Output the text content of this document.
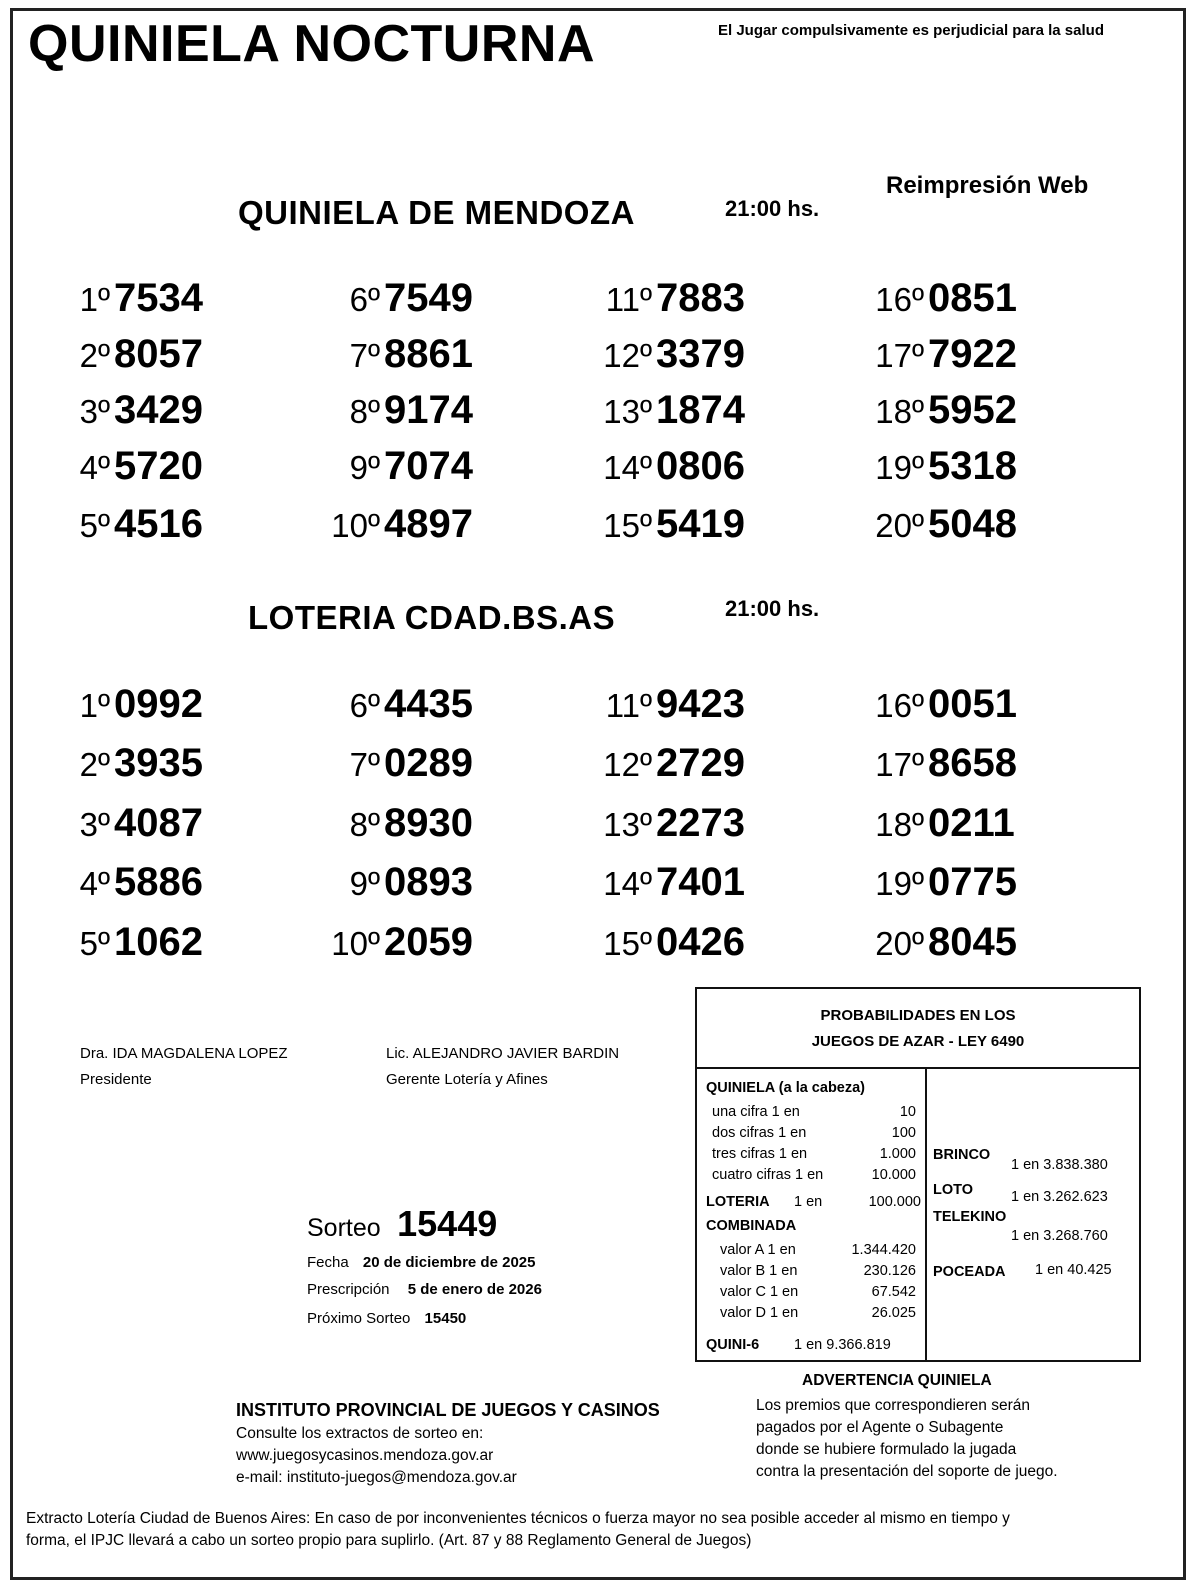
QUINIELA NOCTURNA	El Jugar compulsivamente es perjudicial para la salud
Reimpresión Web
QUINIELA DE MENDOZA	21:00 hs.
1º 7534
2º 8057
3º 3429
4º 5720
5º 4516
6º 7549
7º 8861
8º 9174
9º 7074
10º 4897
11º 7883
12º 3379
13º 1874
14º 0806
15º 5419
16º 0851
17º 7922
18º 5952
19º 5318
20º 5048
LOTERIA CDAD.BS.AS	21:00 hs.
1º 0992
2º 3935
3º 4087
4º 5886
5º 1062
6º 4435
7º 0289
8º 8930
9º 0893
10º 2059
11º 9423
12º 2729
13º 2273
14º 7401
15º 0426
16º 0051
17º 8658
18º 0211
19º 0775
20º 8045
Dra. IDA MAGDALENA LOPEZ
Presidente
Lic. ALEJANDRO JAVIER BARDIN
Gerente Lotería y Afines
Sorteo 15449
Fecha 20 de diciembre de 2025
Prescripción 5 de enero de 2026
Próximo Sorteo 15450
PROBABILIDADES EN LOS
JUEGOS DE AZAR - LEY 6490
QUINIELA (a la cabeza)
una cifra 1 en	10
dos cifras 1 en	100
tres cifras 1 en	1.000
cuatro cifras 1 en	10.000
LOTERIA 1 en	100.000
COMBINADA
valor A 1 en	1.344.420
valor B 1 en	230.126
valor C 1 en	67.542
valor D 1 en	26.025
QUINI-6 1 en 9.366.819
BRINCO
1 en 3.838.380
LOTO	1 en 3.262.623
TELEKINO
1 en 3.268.760
POCEADA 1 en 40.425
ADVERTENCIA QUINIELA
Los premios que correspondieren serán
pagados por el Agente o Subagente
donde se hubiere formulado la jugada
contra la presentación del soporte de juego.
INSTITUTO PROVINCIAL DE JUEGOS Y CASINOS
Consulte los extractos de sorteo en:
www.juegosycasinos.mendoza.gov.ar
e-mail: instituto-juegos@mendoza.gov.ar
Extracto Lotería Ciudad de Buenos Aires: En caso de por inconvenientes técnicos o fuerza mayor no sea posible acceder al mismo en tiempo y
forma, el IPJC llevará a cabo un sorteo propio para suplirlo. (Art. 87 y 88 Reglamento General de Juegos)
